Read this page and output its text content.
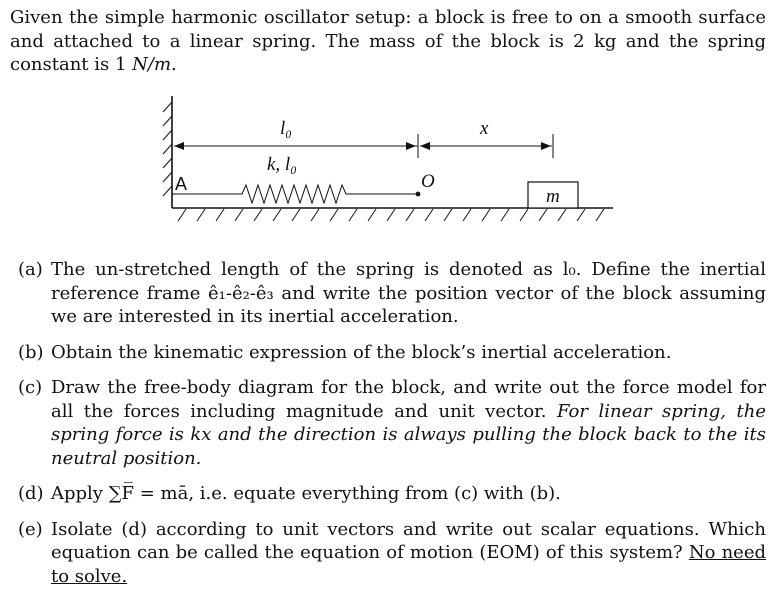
Given the simple harmonic oscillator setup: a block is free to on a smooth surface and attached to a linear spring. The mass of the block is 2 kg and the spring constant is 1 N/m.
l₀	x
k, l₀
A	O
m
(a) The un-stretched length of the spring is denoted as l₀. Define the inertial reference frame ê₁-ê₂-ê₃ and write the position vector of the block assuming we are interested in its inertial acceleration.
(b) Obtain the kinematic expression of the block’s inertial acceleration.
(c) Draw the free-body diagram for the block, and write out the force model for all the forces including magnitude and unit vector. For linear spring, the spring force is kx and the direction is always pulling the block back to the its neutral position.
(d) Apply ∑F̅ = mā, i.e. equate everything from (c) with (b).
(e) Isolate (d) according to unit vectors and write out scalar equations. Which equation can be called the equation of motion (EOM) of this system? No need to solve.
